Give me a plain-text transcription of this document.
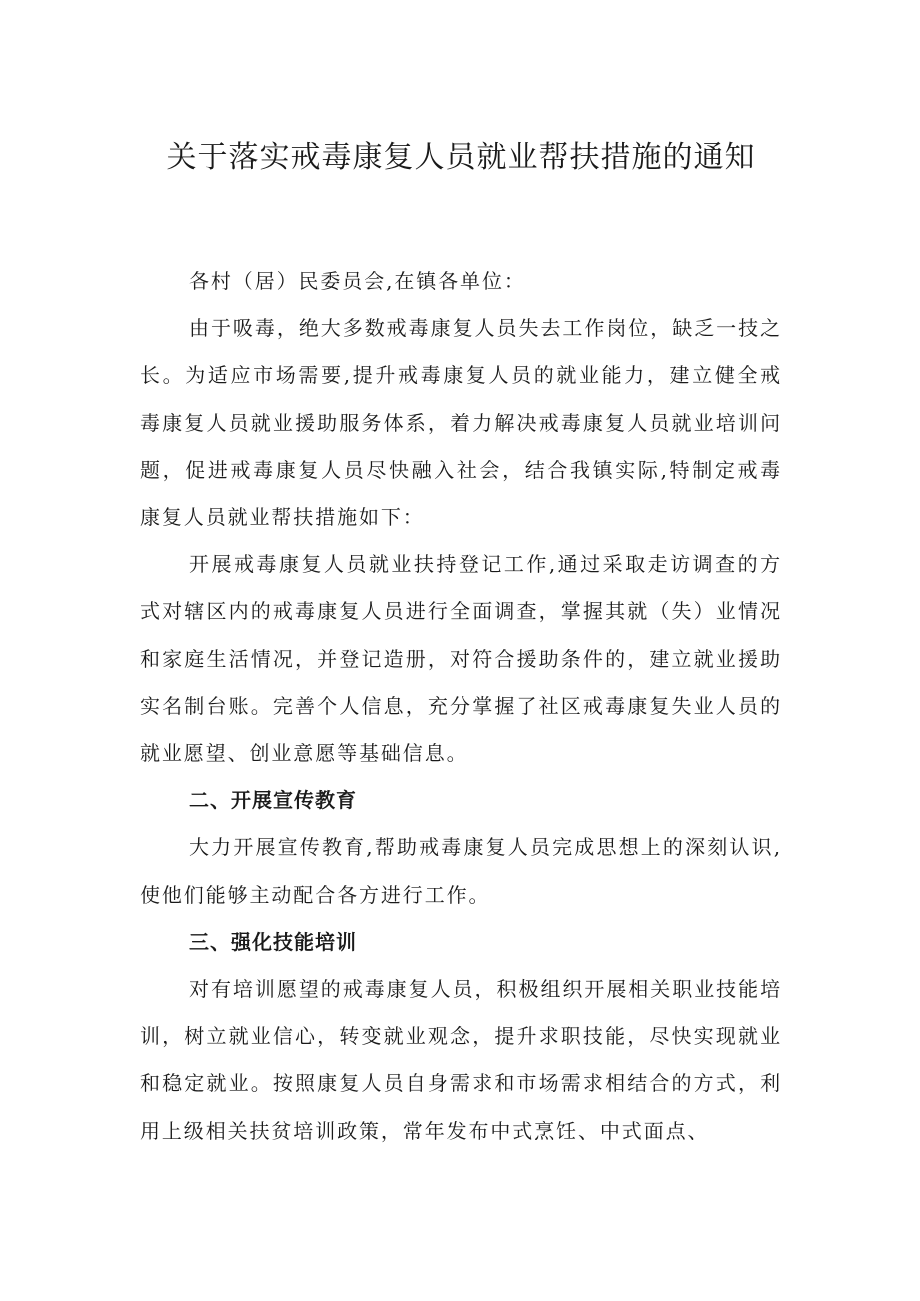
关于落实戒毒康复人员就业帮扶措施的通知

各村（居）民委员会,在镇各单位：

由于吸毒，绝大多数戒毒康复人员失去工作岗位，缺乏一技之长。为适应市场需要,提升戒毒康复人员的就业能力，建立健全戒毒康复人员就业援助服务体系，着力解决戒毒康复人员就业培训问题，促进戒毒康复人员尽快融入社会，结合我镇实际,特制定戒毒康复人员就业帮扶措施如下：

开展戒毒康复人员就业扶持登记工作,通过采取走访调查的方式对辖区内的戒毒康复人员进行全面调查，掌握其就（失）业情况和家庭生活情况，并登记造册，对符合援助条件的，建立就业援助实名制台账。完善个人信息，充分掌握了社区戒毒康复失业人员的就业愿望、创业意愿等基础信息。

二、开展宣传教育

大力开展宣传教育,帮助戒毒康复人员完成思想上的深刻认识,使他们能够主动配合各方进行工作。

三、强化技能培训

对有培训愿望的戒毒康复人员，积极组织开展相关职业技能培训，树立就业信心，转变就业观念，提升求职技能，尽快实现就业和稳定就业。按照康复人员自身需求和市场需求相结合的方式，利用上级相关扶贫培训政策，常年发布中式烹饪、中式面点、
